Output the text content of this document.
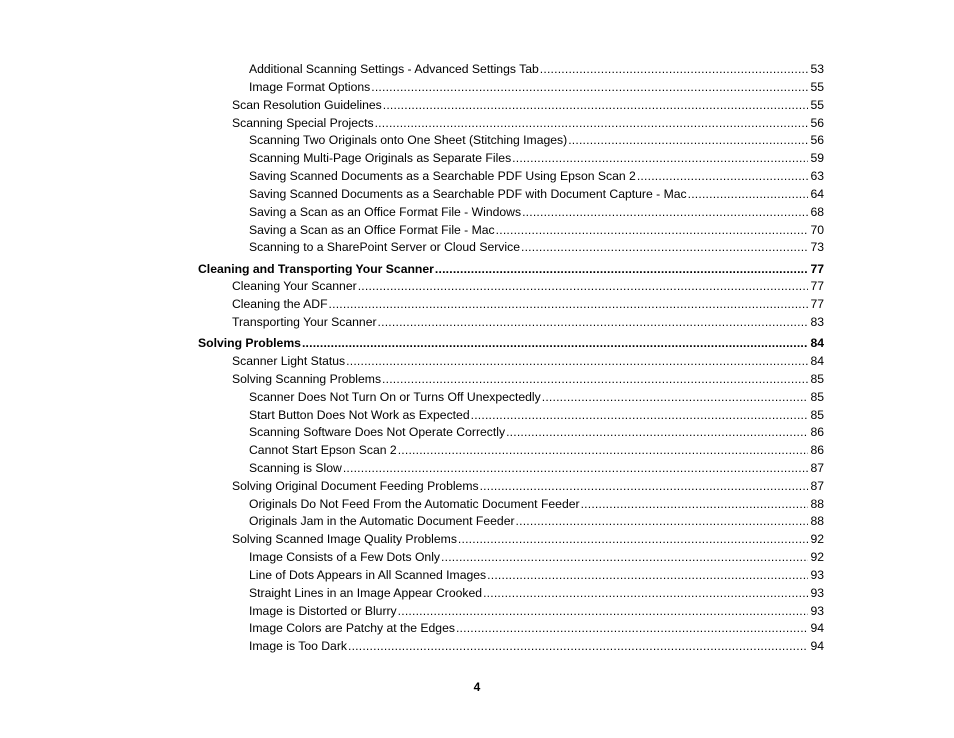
Additional Scanning Settings - Advanced Settings Tab .....	53
Image Format Options .....	55
Scan Resolution Guidelines .....	55
Scanning Special Projects .....	56
Scanning Two Originals onto One Sheet (Stitching Images) .....	56
Scanning Multi-Page Originals as Separate Files .....	59
Saving Scanned Documents as a Searchable PDF Using Epson Scan 2 .....	63
Saving Scanned Documents as a Searchable PDF with Document Capture - Mac .....	64
Saving a Scan as an Office Format File - Windows .....	68
Saving a Scan as an Office Format File - Mac .....	70
Scanning to a SharePoint Server or Cloud Service .....	73
Cleaning and Transporting Your Scanner .....	77
Cleaning Your Scanner .....	77
Cleaning the ADF .....	77
Transporting Your Scanner .....	83
Solving Problems .....	84
Scanner Light Status .....	84
Solving Scanning Problems .....	85
Scanner Does Not Turn On or Turns Off Unexpectedly .....	85
Start Button Does Not Work as Expected .....	85
Scanning Software Does Not Operate Correctly .....	86
Cannot Start Epson Scan 2 .....	86
Scanning is Slow .....	87
Solving Original Document Feeding Problems .....	87
Originals Do Not Feed From the Automatic Document Feeder .....	88
Originals Jam in the Automatic Document Feeder .....	88
Solving Scanned Image Quality Problems .....	92
Image Consists of a Few Dots Only .....	92
Line of Dots Appears in All Scanned Images .....	93
Straight Lines in an Image Appear Crooked .....	93
Image is Distorted or Blurry .....	93
Image Colors are Patchy at the Edges .....	94
Image is Too Dark .....	94
4
